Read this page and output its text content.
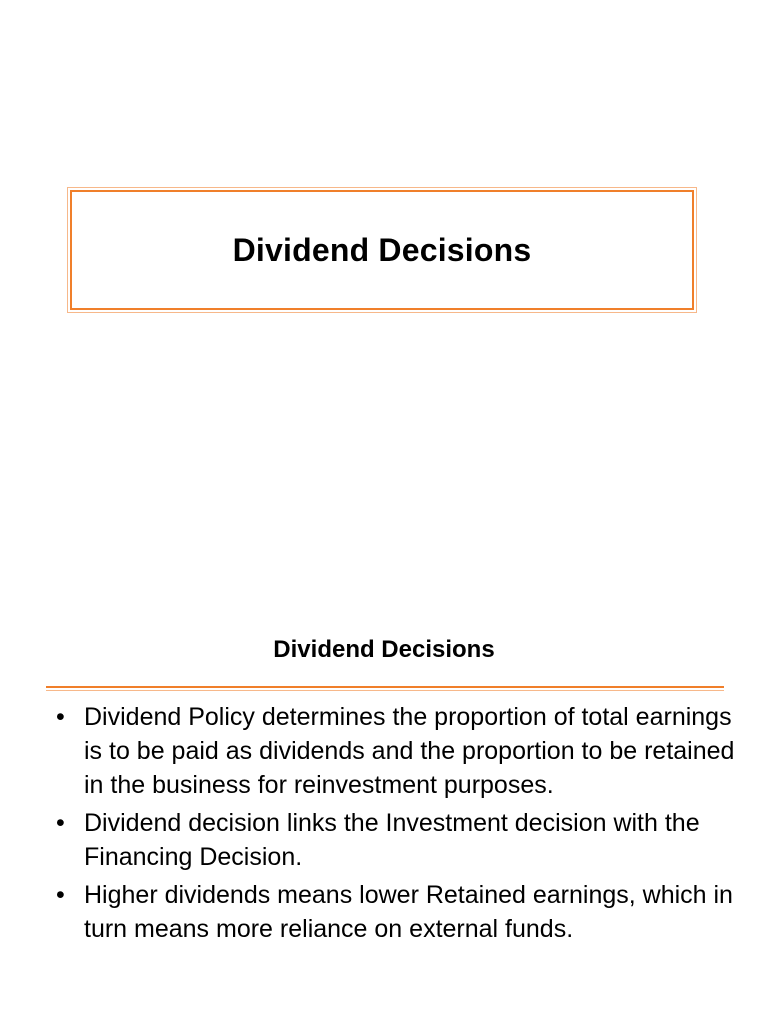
Dividend Decisions
Dividend Decisions
• Dividend Policy determines the proportion of total earnings is to be paid as dividends and the proportion to be retained in the business for reinvestment purposes.
• Dividend decision links the Investment decision with the Financing Decision.
• Higher dividends means lower Retained earnings, which in turn means more reliance on external funds.
